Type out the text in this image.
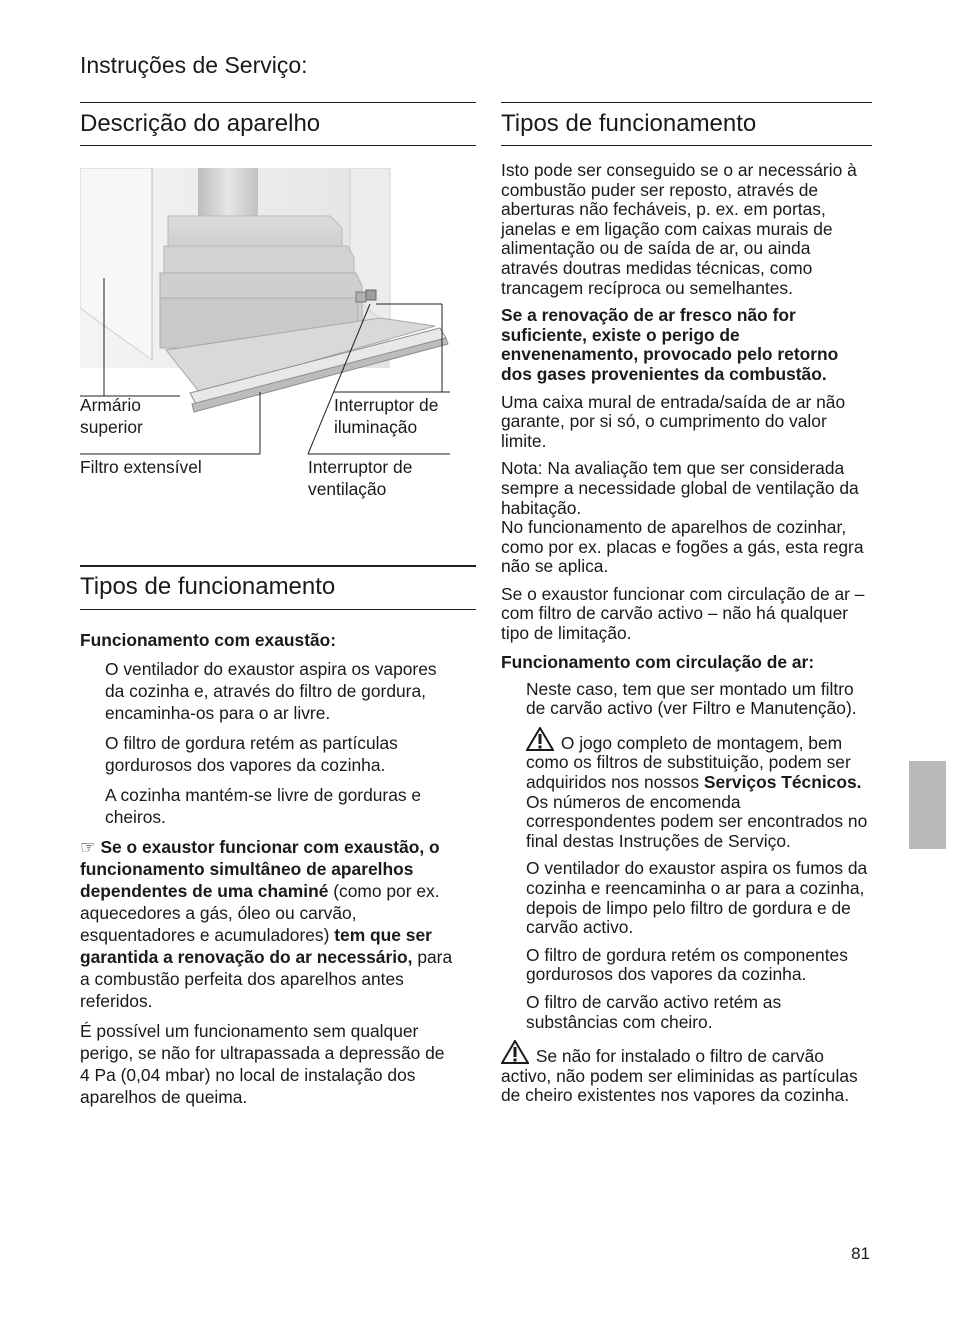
Instruções de Serviço:
Descrição do aparelho
Armário
superior
Interruptor de
iluminação
Filtro extensível	Interruptor de
ventilação
Tipos de funcionamento
Funcionamento com exaustão:

O ventilador do exaustor aspira os vapores da cozinha e, através do filtro de gordura, encaminha-os para o ar livre.

O filtro de gordura retém as partículas gordurosos dos vapores da cozinha.

A cozinha mantém-se livre de gorduras e cheiros.

☞ Se o exaustor funcionar com exaustão, o funcionamento simultâneo de aparelhos dependentes de uma chaminé (como por ex. aquecedores a gás, óleo ou carvão, esquentadores e acumuladores) tem que ser garantida a renovação do ar necessário, para a combustão perfeita dos aparelhos antes referidos.

É possível um funcionamento sem qualquer perigo, se não for ultrapassada a depressão de 4 Pa (0,04 mbar) no local de instalação dos aparelhos de queima.

Tipos de funcionamento

Isto pode ser conseguido se o ar necessário à combustão puder ser reposto, através de aberturas não fecháveis, p. ex. em portas, janelas e em ligação com caixas murais de alimentação ou de saída de ar, ou ainda através doutras medidas técnicas, como trancagem recíproca ou semelhantes.

Se a renovação de ar fresco não for suficiente, existe o perigo de envenenamento, provocado pelo retorno dos gases provenientes da combustão.

Uma caixa mural de entrada/saída de ar não garante, por si só, o cumprimento do valor limite.

Nota: Na avaliação tem que ser considerada sempre a necessidade global de ventilação da habitação.
No funcionamento de aparelhos de cozinhar, como por ex. placas e fogões a gás, esta regra não se aplica.

Se o exaustor funcionar com circulação de ar – com filtro de carvão activo – não há qualquer tipo de limitação.

Funcionamento com circulação de ar:

Neste caso, tem que ser montado um filtro de carvão activo (ver Filtro e Manutenção).

O jogo completo de montagem, bem como os filtros de substituição, podem ser adquiridos nos nossos Serviços Técnicos.
Os números de encomenda correspondentes podem ser encontrados no final destas Instruções de Serviço.

O ventilador do exaustor aspira os fumos da cozinha e reencaminha o ar para a cozinha, depois de limpo pelo filtro de gordura e de carvão activo.

O filtro de gordura retém os componentes gordurosos dos vapores da cozinha.

O filtro de carvão activo retém as substâncias com cheiro.

Se não for instalado o filtro de carvão activo, não podem ser eliminidas as partículas de cheiro existentes nos vapores da cozinha.

81
